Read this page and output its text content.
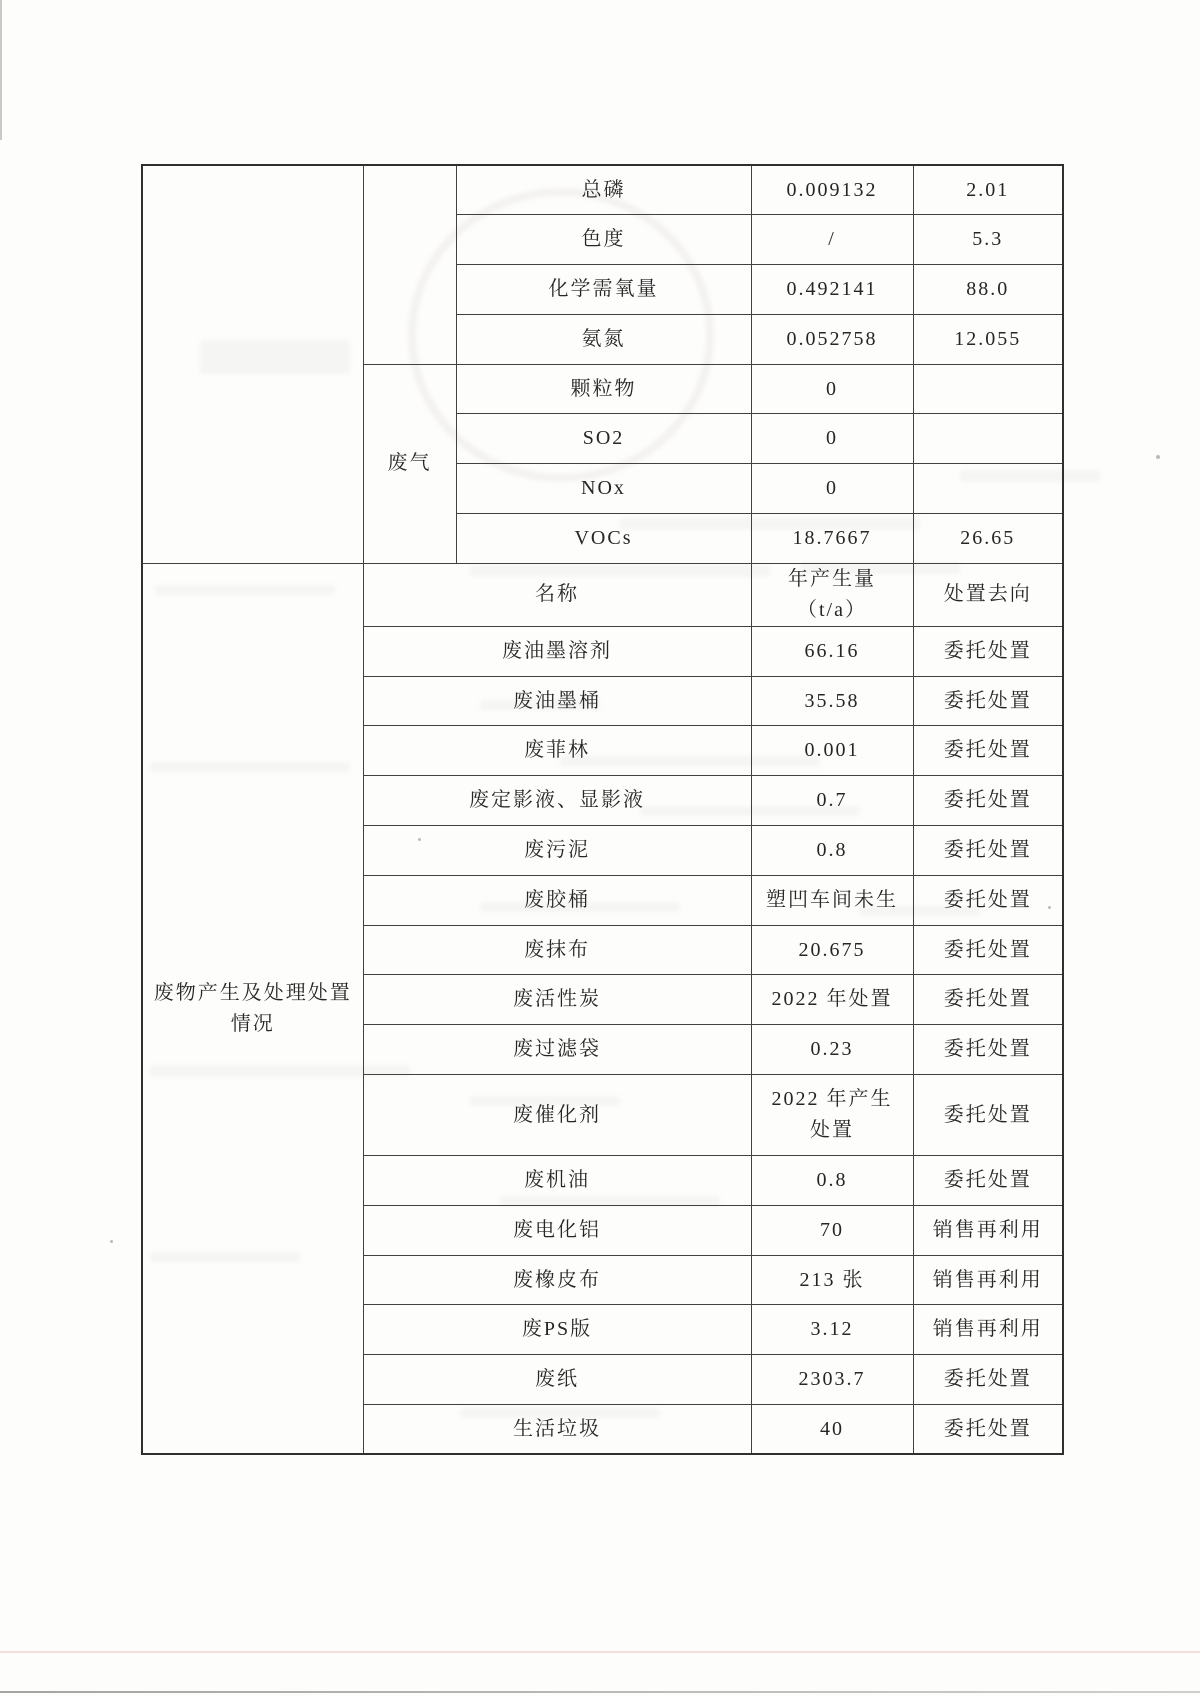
		总磷	0.009132	2.01
		色度	/	5.3
		化学需氧量	0.492141	88.0
		氨氮	0.052758	12.055
	废气	颗粒物	0	
		SO2	0	
		NOx	0	
		VOCs	18.7667	26.65
废物产生及处理处置情况	名称		年产生量（t/a）	处置去向
	废油墨溶剂		66.16	委托处置
	废油墨桶		35.58	委托处置
	废菲林		0.001	委托处置
	废定影液、显影液		0.7	委托处置
	废污泥		0.8	委托处置
	废胶桶		塑凹车间未生	委托处置
	废抹布		20.675	委托处置
	废活性炭		2022 年处置	委托处置
	废过滤袋		0.23	委托处置
	废催化剂		2022 年产生处置	委托处置
	废机油		0.8	委托处置
	废电化铝		70	销售再利用
	废橡皮布		213 张	销售再利用
	废PS版		3.12	销售再利用
	废纸		2303.7	委托处置
	生活垃圾		40	委托处置
